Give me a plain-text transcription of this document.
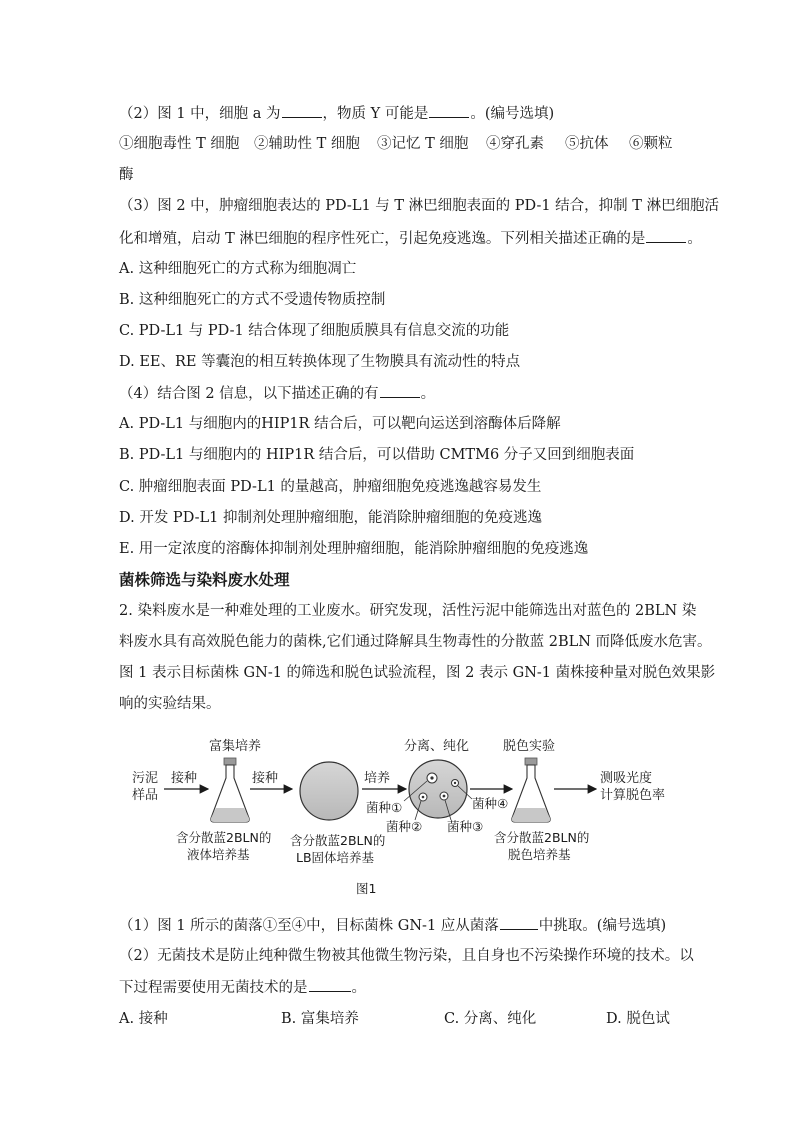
（2）图 1 中，细胞 a 为	，物质 Y 可能是	。(编号选填)
①细胞毒性 T 细胞 ②辅助性 T 细胞 ③记忆 T 细胞 ④穿孔素 ⑤抗体 ⑥颗粒
酶
（3）图 2 中，肿瘤细胞表达的 PD-L1 与 T 淋巴细胞表面的 PD-1 结合，抑制 T 淋巴细胞活
化和增殖，启动 T 淋巴细胞的程序性死亡，引起免疫逃逸。下列相关描述正确的是	。
A. 这种细胞死亡的方式称为细胞凋亡
B. 这种细胞死亡的方式不受遗传物质控制
C. PD-L1 与 PD-1 结合体现了细胞质膜具有信息交流的功能
D. EE、RE 等囊泡的相互转换体现了生物膜具有流动性的特点
（4）结合图 2 信息，以下描述正确的有	。
A. PD-L1 与细胞内的HIP1R 结合后，可以靶向运送到溶酶体后降解
B. PD-L1 与细胞内的 HIP1R 结合后，可以借助 CMTM6 分子又回到细胞表面
C. 肿瘤细胞表面 PD-L1 的量越高，肿瘤细胞免疫逃逸越容易发生
D. 开发 PD-L1 抑制剂处理肿瘤细胞，能消除肿瘤细胞的免疫逃逸
E. 用一定浓度的溶酶体抑制剂处理肿瘤细胞，能消除肿瘤细胞的免疫逃逸
菌株筛选与染料废水处理
2. 染料废水是一种难处理的工业废水。研究发现，活性污泥中能筛选出对蓝色的 2BLN 染
料废水具有高效脱色能力的菌株,它们通过降解具生物毒性的分散蓝 2BLN 而降低废水危害。
图 1 表示目标菌株 GN-1 的筛选和脱色试验流程，图 2 表示 GN-1 菌株接种量对脱色效果影
响的实验结果。
污泥
样品
接种
富集培养
含分散蓝2BLN的
液体培养基
接种
含分散蓝2BLN的
LB固体培养基
培养
分离、纯化
菌种①
菌种② 菌种③
菌种④
脱色实验
含分散蓝2BLN的
脱色培养基
测吸光度
计算脱色率
图1
（1）图 1 所示的菌落①至④中，目标菌株 GN-1 应从菌落	中挑取。(编号选填)
（2）无菌技术是防止纯种微生物被其他微生物污染，且自身也不污染操作环境的技术。以
下过程需要使用无菌技术的是	。
A. 接种	B. 富集培养	C. 分离、纯化	D. 脱色试
